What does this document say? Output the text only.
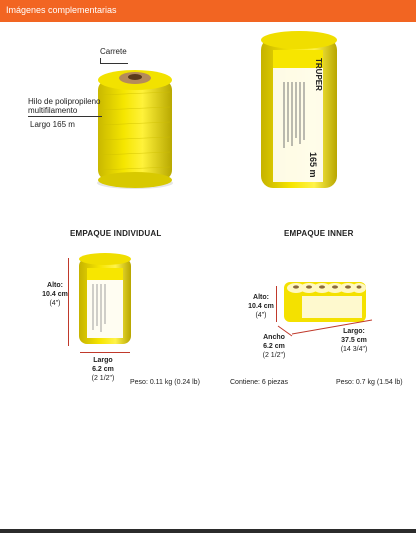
Imágenes complementarias
Carrete
Hilo de polipropileno
multifilamento
Largo 165 m
TRUPER
165 m
EMPAQUE INDIVIDUAL	EMPAQUE INNER
Alto:
10.4 cm
(4")
Largo
6.2 cm
(2 1/2")
Peso: 0.11 kg (0.24 lb)
Alto:
10.4 cm
(4")
Ancho
6.2 cm
(2 1/2")
Largo:
37.5 cm
(14 3/4")
Contiene: 6 piezas	Peso: 0.7 kg (1.54 lb)
